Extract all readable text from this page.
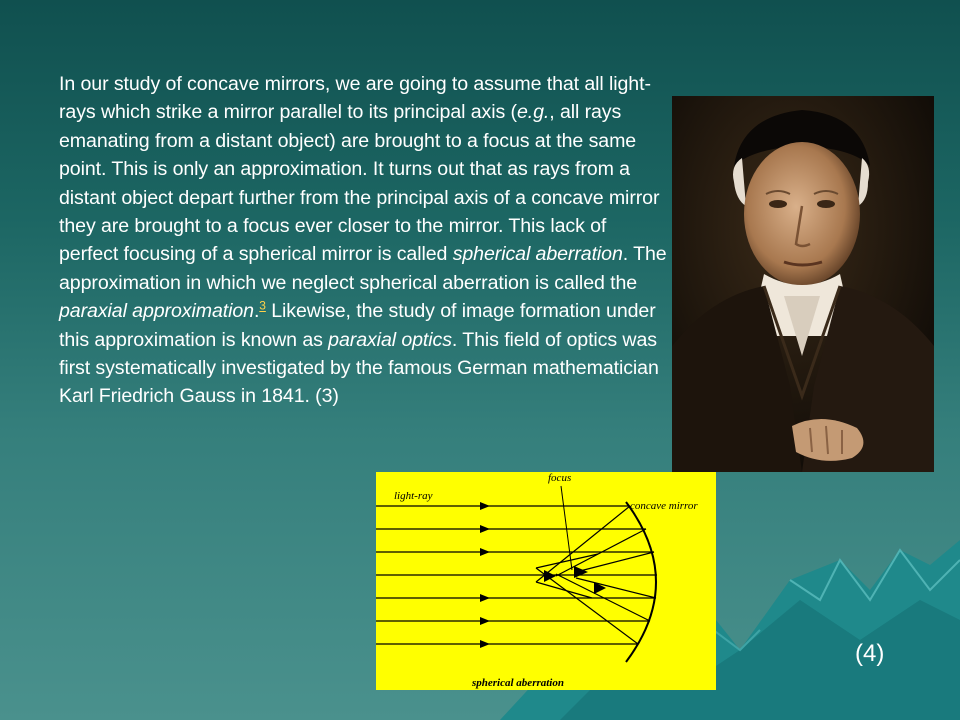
In our study of concave mirrors, we are going to assume that all light-rays which strike a mirror parallel to its principal axis (e.g., all rays emanating from a distant object) are brought to a focus at the same point. This is only an approximation. It turns out that as rays from a distant object depart further from the principal axis of a concave mirror they are brought to a focus ever closer to the mirror. This lack of perfect focusing of a spherical mirror is called spherical aberration. The approximation in which we neglect spherical aberration is called the paraxial approximation.$^3$ Likewise, the study of image formation under this approximation is known as paraxial optics. This field of optics was first systematically investigated by the famous German mathematician Karl Friedrich Gauss in 1841. (3)
light-ray
focus
concave mirror
spherical aberration
(4)
